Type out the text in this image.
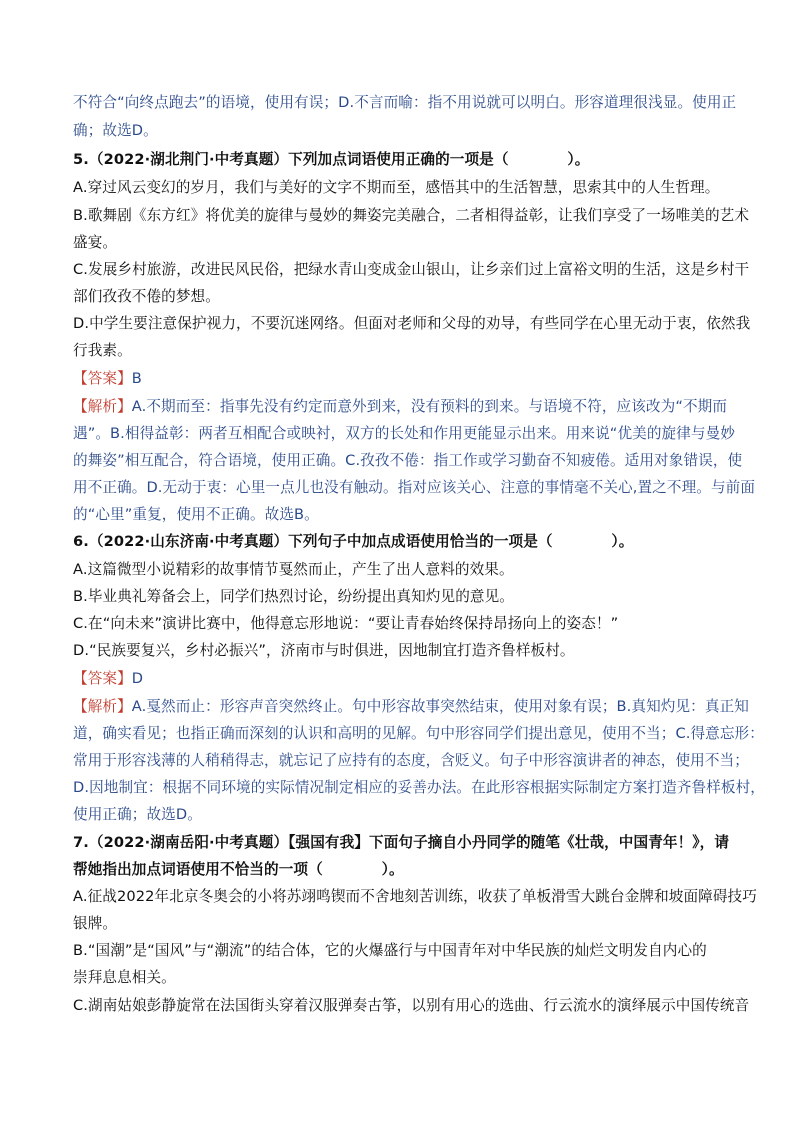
不符合“向终点跑去”的语境，使用有误；D.不言而喻：指不用说就可以明白。形容道理很浅显。使用正
确；故选D。
5.（2022·湖北荆门·中考真题）下列加点词语使用正确的一项是（　　　　）。
A.穿过风云变幻的岁月，我们与美好的文字不期而至，感悟其中的生活智慧，思索其中的人生哲理。
B.歌舞剧《东方红》将优美的旋律与曼妙的舞姿完美融合，二者相得益彰，让我们享受了一场唯美的艺术
盛宴。
C.发展乡村旅游，改进民风民俗，把绿水青山变成金山银山，让乡亲们过上富裕文明的生活，这是乡村干
部们孜孜不倦的梦想。
D.中学生要注意保护视力，不要沉迷网络。但面对老师和父母的劝导，有些同学在心里无动于衷，依然我
行我素。
【答案】B
【解析】A.不期而至：指事先没有约定而意外到来，没有预料的到来。与语境不符，应该改为“不期而
遇”。B.相得益彰：两者互相配合或映衬，双方的长处和作用更能显示出来。用来说“优美的旋律与曼妙
的舞姿”相互配合，符合语境，使用正确。C.孜孜不倦：指工作或学习勤奋不知疲倦。适用对象错误，使
用不正确。D.无动于衷：心里一点儿也没有触动。指对应该关心、注意的事情毫不关心,置之不理。与前面
的“心里”重复，使用不正确。故选B。
6.（2022·山东济南·中考真题）下列句子中加点成语使用恰当的一项是（　　　　）。
A.这篇微型小说精彩的故事情节戛然而止，产生了出人意料的效果。
B.毕业典礼筹备会上，同学们热烈讨论，纷纷提出真知灼见的意见。
C.在“向未来”演讲比赛中，他得意忘形地说：“要让青春始终保持昂扬向上的姿态！”
D.“民族要复兴，乡村必振兴”，济南市与时俱进，因地制宜打造齐鲁样板村。
【答案】D
【解析】A.戛然而止：形容声音突然终止。句中形容故事突然结束，使用对象有误；B.真知灼见：真正知
道，确实看见；也指正确而深刻的认识和高明的见解。句中形容同学们提出意见，使用不当；C.得意忘形：
常用于形容浅薄的人稍稍得志，就忘记了应持有的态度，含贬义。句子中形容演讲者的神态，使用不当；
D.因地制宜：根据不同环境的实际情况制定相应的妥善办法。在此形容根据实际制定方案打造齐鲁样板村，
使用正确；故选D。
7.（2022·湖南岳阳·中考真题）【强国有我】下面句子摘自小丹同学的随笔《壮哉，中国青年！》，请
帮她指出加点词语使用不恰当的一项（　　　　）。
A.征战2022年北京冬奥会的小将苏翊鸣锲而不舍地刻苦训练，收获了单板滑雪大跳台金牌和坡面障碍技巧
银牌。
B.“国潮”是“国风”与“潮流”的结合体，它的火爆盛行与中国青年对中华民族的灿烂文明发自内心的
崇拜息息相关。
C.湖南姑娘彭静旋常在法国街头穿着汉服弹奏古筝，以别有用心的选曲、行云流水的演绎展示中国传统音
